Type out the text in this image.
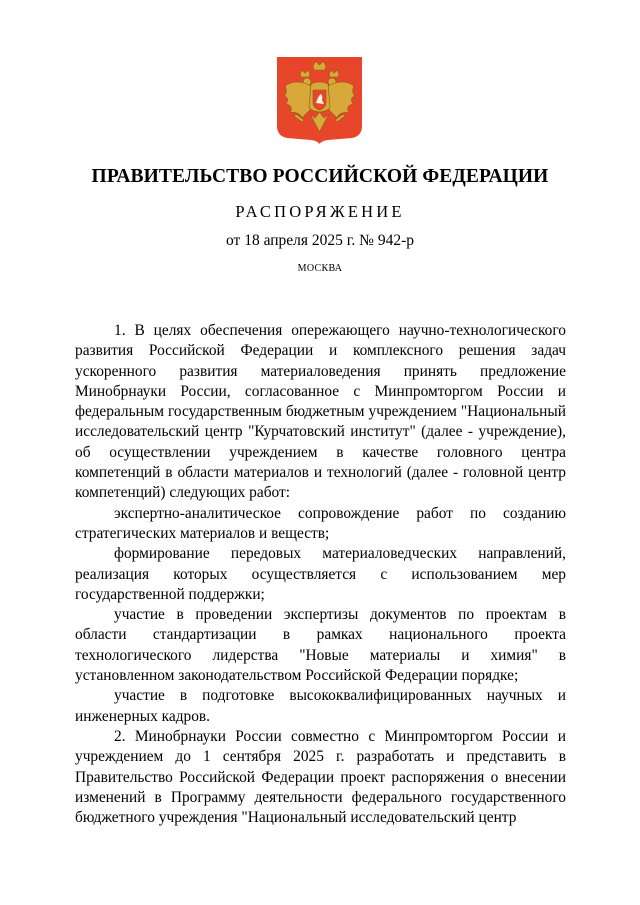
ПРАВИТЕЛЬСТВО РОССИЙСКОЙ ФЕДЕРАЦИИ
РАСПОРЯЖЕНИЕ
от 18 апреля 2025 г. № 942-р
МОСКВА

1. В целях обеспечения опережающего научно-технологического развития Российской Федерации и комплексного решения задач ускоренного развития материаловедения принять предложение Минобрнауки России, согласованное с Минпромторгом России и федеральным государственным бюджетным учреждением "Национальный исследовательский центр "Курчатовский институт" (далее - учреждение), об осуществлении учреждением в качестве головного центра компетенций в области материалов и технологий (далее - головной центр компетенций) следующих работ:

экспертно-аналитическое сопровождение работ по созданию стратегических материалов и веществ;

формирование передовых материаловедческих направлений, реализация которых осуществляется с использованием мер государственной поддержки;

участие в проведении экспертизы документов по проектам в области стандартизации в рамках национального проекта технологического лидерства "Новые материалы и химия" в установленном законодательством Российской Федерации порядке;

участие в подготовке высококвалифицированных научных и инженерных кадров.

2. Минобрнауки России совместно с Минпромторгом России и учреждением до 1 сентября 2025 г. разработать и представить в Правительство Российской Федерации проект распоряжения о внесении изменений в Программу деятельности федерального государственного бюджетного учреждения "Национальный исследовательский центр
